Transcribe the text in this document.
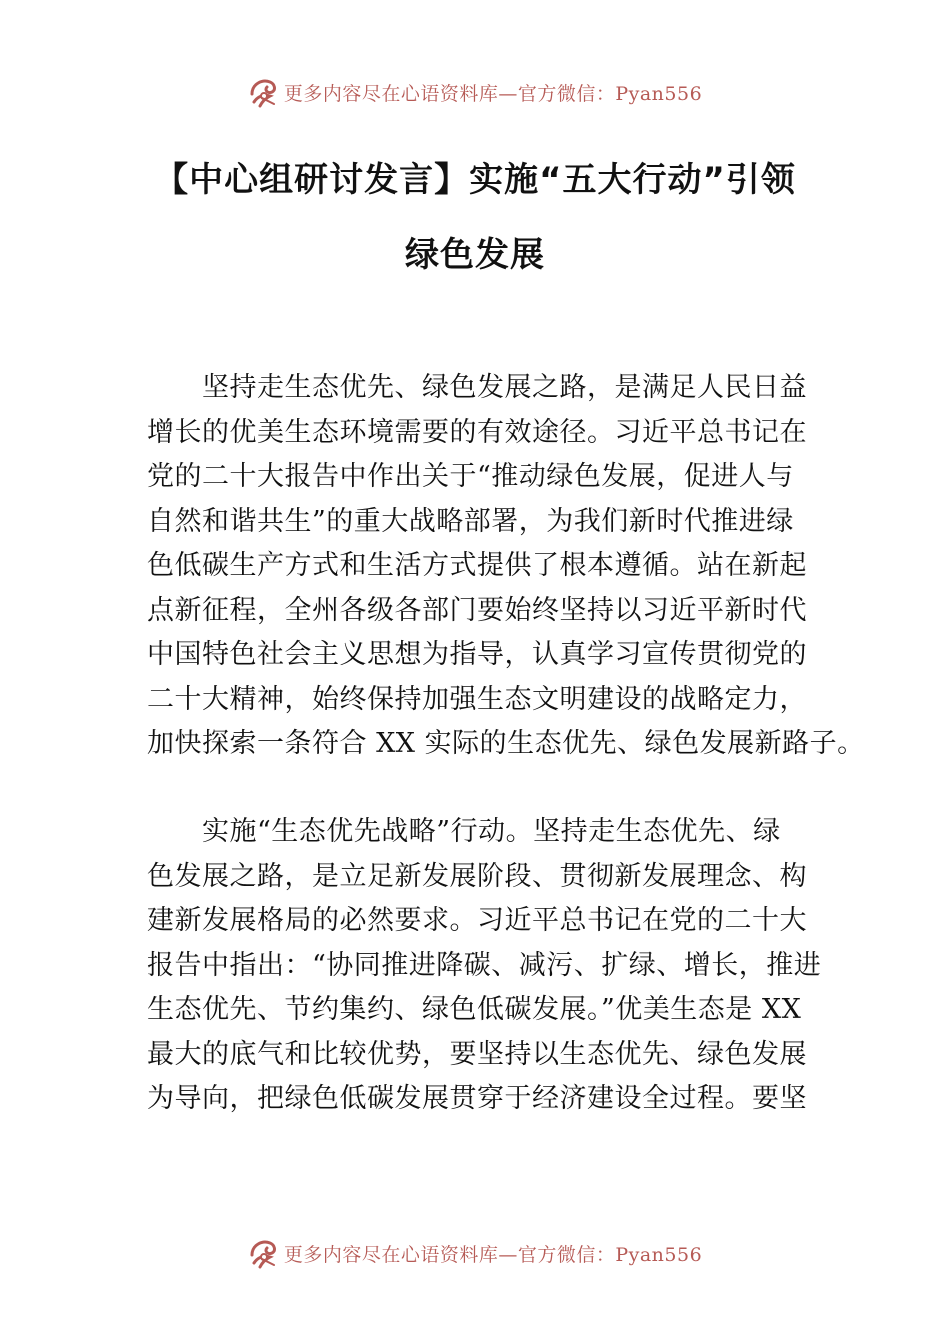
更多内容尽在心语资料库—官方微信：Pyan556
【中心组研讨发言】实施“五大行动”引领
绿色发展
　　坚持走生态优先、绿色发展之路，是满足人民日益
增长的优美生态环境需要的有效途径。习近平总书记在
党的二十大报告中作出关于“推动绿色发展，促进人与
自然和谐共生”的重大战略部署，为我们新时代推进绿
色低碳生产方式和生活方式提供了根本遵循。站在新起
点新征程，全州各级各部门要始终坚持以习近平新时代
中国特色社会主义思想为指导，认真学习宣传贯彻党的
二十大精神，始终保持加强生态文明建设的战略定力，
加快探索一条符合 XX 实际的生态优先、绿色发展新路子。
　　实施“生态优先战略”行动。坚持走生态优先、绿
色发展之路，是立足新发展阶段、贯彻新发展理念、构
建新发展格局的必然要求。习近平总书记在党的二十大
报告中指出：“协同推进降碳、减污、扩绿、增长，推进
生态优先、节约集约、绿色低碳发展。”优美生态是 XX
最大的底气和比较优势，要坚持以生态优先、绿色发展
为导向，把绿色低碳发展贯穿于经济建设全过程。要坚
更多内容尽在心语资料库—官方微信：Pyan556
